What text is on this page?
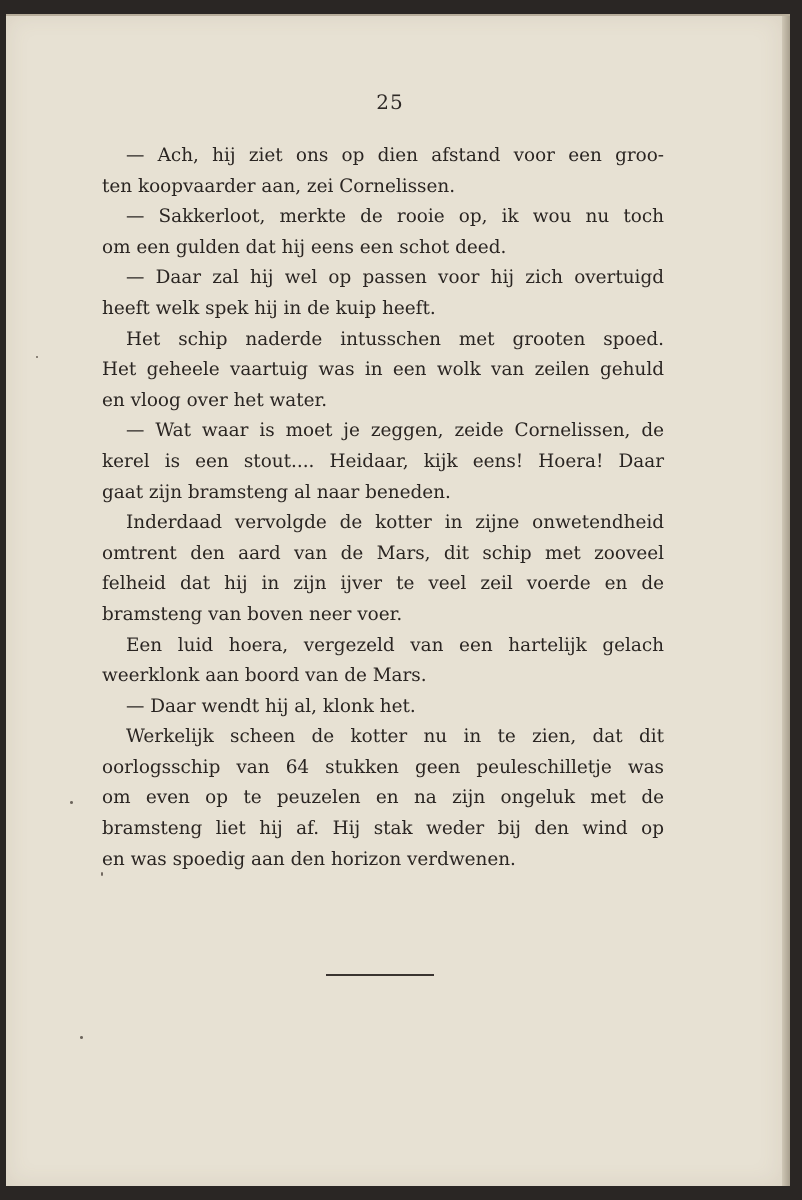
25
— Ach, hij ziet ons op dien afstand voor een groo-
ten koopvaarder aan, zei Cornelissen.
— Sakkerloot, merkte de rooie op, ik wou nu toch
om een gulden dat hij eens een schot deed.
— Daar zal hij wel op passen voor hij zich overtuigd
heeft welk spek hij in de kuip heeft.
Het schip naderde intusschen met grooten spoed.
Het geheele vaartuig was in een wolk van zeilen gehuld
en vloog over het water.
— Wat waar is moet je zeggen, zeide Cornelissen, de
kerel is een stout.... Heidaar, kijk eens! Hoera! Daar
gaat zijn bramsteng al naar beneden.
Inderdaad vervolgde de kotter in zijne onwetendheid
omtrent den aard van de Mars, dit schip met zooveel
felheid dat hij in zijn ijver te veel zeil voerde en de
bramsteng van boven neer voer.
Een luid hoera, vergezeld van een hartelijk gelach
weerklonk aan boord van de Mars.
— Daar wendt hij al, klonk het.
Werkelijk scheen de kotter nu in te zien, dat dit
oorlogsschip van 64 stukken geen peuleschilletje was
om even op te peuzelen en na zijn ongeluk met de
bramsteng liet hij af. Hij stak weder bij den wind op
en was spoedig aan den horizon verdwenen.
